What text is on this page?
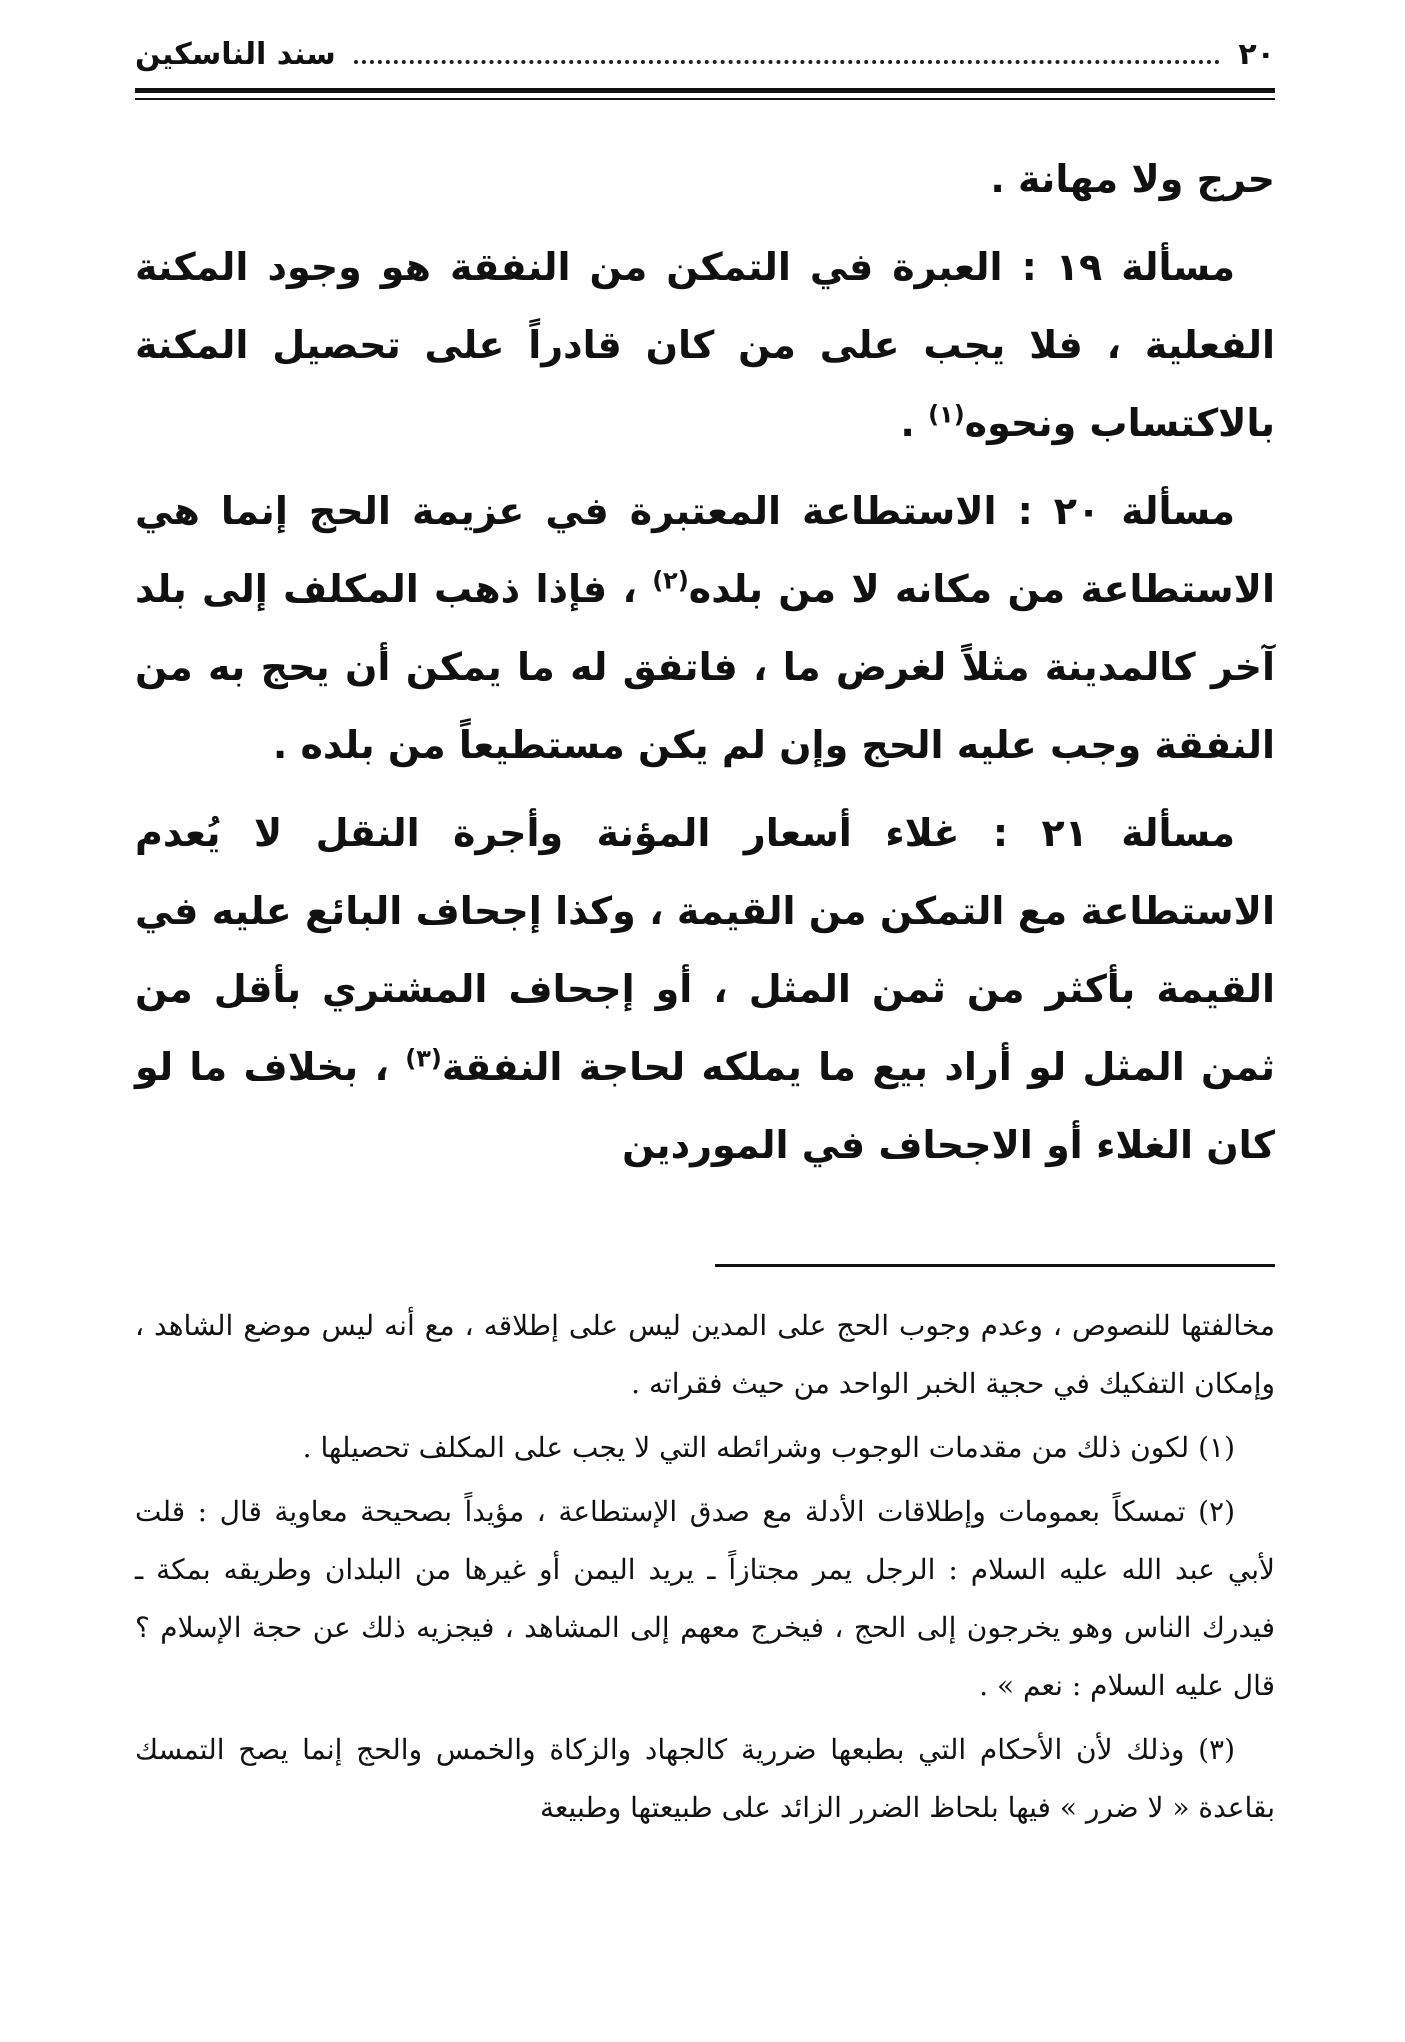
٢٠
سند الناسكين

حرج ولا مهانة .

مسألة ١٩ : العبرة في التمكن من النفقة هو وجود المكنة الفعلية ، فلا يجب على من كان قادراً على تحصيل المكنة بالاكتساب ونحوه$^{(١)}$ .

مسألة ٢٠ : الاستطاعة المعتبرة في عزيمة الحج إنما هي الاستطاعة من مكانه لا من بلده$^{(٢)}$ ، فإذا ذهب المكلف إلى بلد آخر كالمدينة مثلاً لغرض ما ، فاتفق له ما يمكن أن يحج به من النفقة وجب عليه الحج وإن لم يكن مستطيعاً من بلده .

مسألة ٢١ : غلاء أسعار المؤنة وأجرة النقل لا يُعدم الاستطاعة مع التمكن من القيمة ، وكذا إجحاف البائع عليه في القيمة بأكثر من ثمن المثل ، أو إجحاف المشتري بأقل من ثمن المثل لو أراد بيع ما يملكه لحاجة النفقة$^{(٣)}$ ، بخلاف ما لو كان الغلاء أو الاجحاف في الموردين

مخالفتها للنصوص ، وعدم وجوب الحج على المدين ليس على إطلاقه ، مع أنه ليس موضع الشاهد ، وإمكان التفكيك في حجية الخبر الواحد من حيث فقراته .

(١) لكون ذلك من مقدمات الوجوب وشرائطه التي لا يجب على المكلف تحصيلها .

(٢) تمسكاً بعمومات وإطلاقات الأدلة مع صدق الإستطاعة ، مؤيداً بصحيحة معاوية قال : قلت لأبي عبد الله عليه السلام : الرجل يمر مجتازاً ـ يريد اليمن أو غيرها من البلدان وطريقه بمكة ـ فيدرك الناس وهو يخرجون إلى الحج ، فيخرج معهم إلى المشاهد ، فيجزيه ذلك عن حجة الإسلام ؟ قال عليه السلام : نعم » .

(٣) وذلك لأن الأحكام التي بطبعها ضررية كالجهاد والزكاة والخمس والحج إنما يصح التمسك بقاعدة « لا ضرر » فيها بلحاظ الضرر الزائد على طبيعتها وطبيعة
